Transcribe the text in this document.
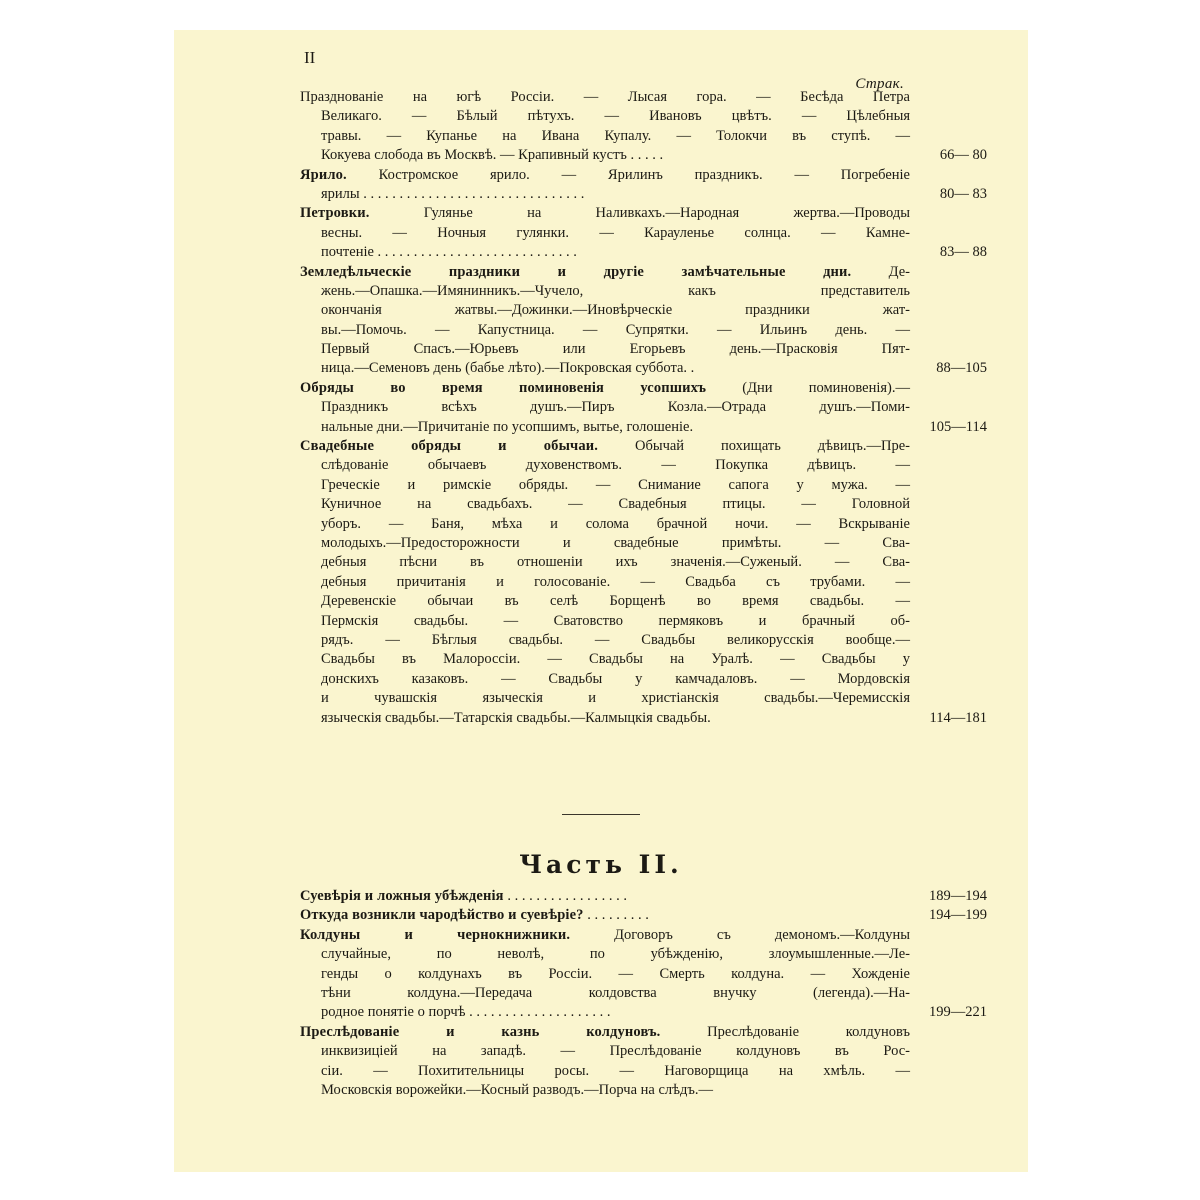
II
Страк.
Празднованіе на югѣ Россіи. — Лысая гора. — Бесѣда Петра
Великаго. — Бѣлый пѣтухъ. — Ивановъ цвѣтъ. — Цѣлебныя
травы. — Купанье на Ивана Купалу. — Толокчи въ ступѣ. —
Кокуева слобода въ Москвѣ. — Крапивный кустъ . . . . .	66— 80
Ярило. Костромское ярило. — Ярилинъ праздникъ. — Погребеніе
ярилы . . . . . . . . . . . . . . . . . . . . . . . . . . . . . . .	80— 83
Петровки. Гулянье на Наливкахъ.—Народная жертва.—Проводы
весны. — Ночныя гулянки. — Карауленье солнца. — Камне-
почтеніе . . . . . . . . . . . . . . . . . . . . . . . . . . . .	83— 88
Земледѣльческіе праздники и другіе замѣчательные дни. Де-
жень.—Опашка.—Имянинникъ.—Чучело, какъ представитель
окончанія жатвы.—Дожинки.—Иновѣрческіе праздники жат-
вы.—Помочь. — Капустница. — Супрятки. — Ильинъ день. —
Первый Спасъ.—Юрьевъ или Егорьевъ день.—Прасковія Пят-
ница.—Семеновъ день (бабье лѣто).—Покровская суббота. .	88—105
Обряды во время поминовенія усопшихъ (Дни поминовенія).—
Праздникъ всѣхъ душъ.—Пиръ Козла.—Отрада душъ.—Поми-
нальные дни.—Причитаніе по усопшимъ, вытье, голошеніе.	105—114
Свадебные обряды и обычаи. Обычай похищать дѣвицъ.—Пре-
слѣдованіе обычаевъ духовенствомъ. — Покупка дѣвицъ. —
Греческіе и римскіе обряды. — Снимание сапога у мужа. —
Куничное на свадьбахъ. — Свадебныя птицы. — Головной
уборъ. — Баня, мѣха и солома брачной ночи. — Вскрываніе
молодыхъ.—Предосторожности и свадебные примѣты. — Сва-
дебныя пѣсни въ отношеніи ихъ значенія.—Суженый. — Сва-
дебныя причитанія и голосованіе. — Свадьба съ трубами. —
Деревенскіе обычаи въ селѣ Борщенѣ во время свадьбы. —
Пермскія свадьбы. — Сватовство пермяковъ и брачный об-
рядъ. — Бѣглыя свадьбы. — Свадьбы великорусскія вообще.—
Свадьбы въ Малороссіи. — Свадьбы на Уралѣ. — Свадьбы у
донскихъ казаковъ. — Свадьбы у камчадаловъ. — Мордовскія
и чувашскія языческія и христіанскія свадьбы.—Черемисскія
языческія свадьбы.—Татарскія свадьбы.—Калмыцкія свадьбы.	114—181
Часть II.
Суевѣрія и ложныя убѣжденія . . . . . . . . . . . . . . . . .	189—194
Откуда возникли чародѣйство и суевѣріе? . . . . . . . . .	194—199
Колдуны и чернокнижники. Договоръ съ демономъ.—Колдуны
случайные, по неволѣ, по убѣжденію, злоумышленные.—Ле-
генды о колдунахъ въ Россіи. — Смерть колдуна. — Хожденіе
тѣни колдуна.—Передача колдовства внучку (легенда).—На-
родное понятіе о порчѣ . . . . . . . . . . . . . . . . . . . .	199—221
Преслѣдованіе и казнь колдуновъ. Преслѣдованіе колдуновъ
инквизиціей на западѣ. — Преслѣдованіе колдуновъ въ Рос-
сіи. — Похитительницы росы. — Наговорщица на хмѣль. —
Московскія ворожейки.—Косный разводъ.—Порча на слѣдъ.—
